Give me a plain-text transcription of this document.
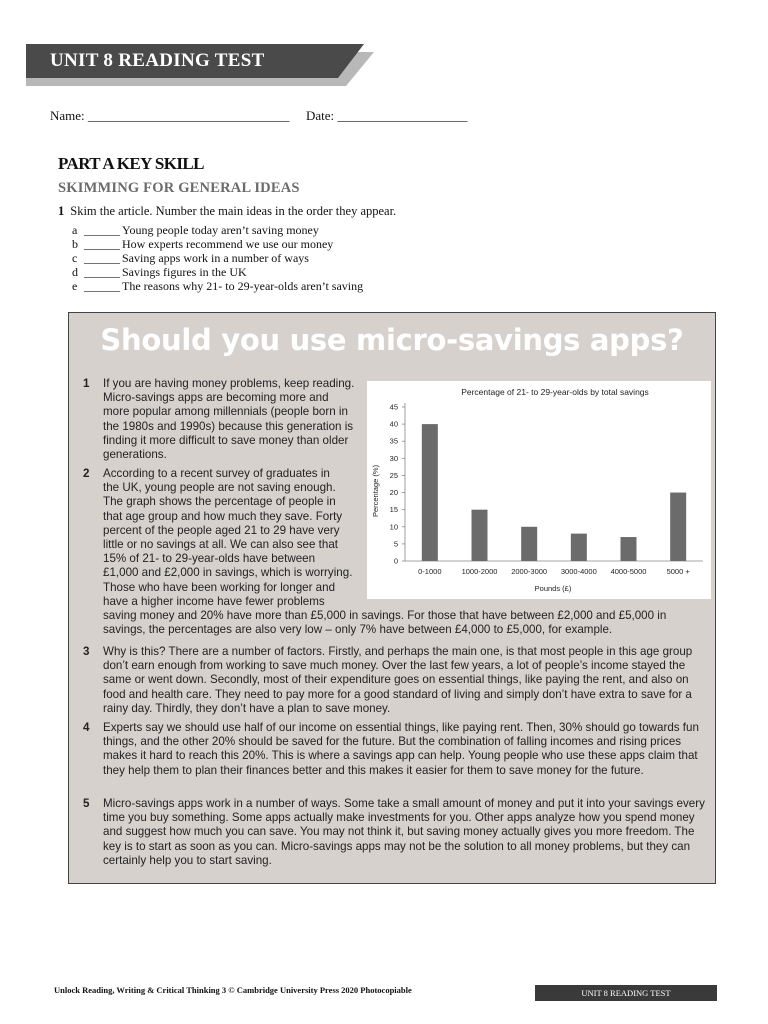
UNIT 8 READING TEST
Name: _______________________________ Date: ____________________
PART A KEY SKILL
SKIMMING FOR GENERAL IDEAS
1 Skim the article. Number the main ideas in the order they appear.
a ______ Young people today aren’t saving money
b ______ How experts recommend we use our money
c ______ Saving apps work in a number of ways
d ______ Savings figures in the UK
e ______ The reasons why 21- to 29-year-olds aren’t saving
Should you use micro-savings apps?
1 If you are having money problems, keep reading.
Micro-savings apps are becoming more and
more popular among millennials (people born in
the 1980s and 1990s) because this generation is
finding it more difficult to save money than older
generations.
2 According to a recent survey of graduates in
the UK, young people are not saving enough.
The graph shows the percentage of people in
that age group and how much they save. Forty
percent of the people aged 21 to 29 have very
little or no savings at all. We can also see that
15% of 21- to 29-year-olds have between
£1,000 and £2,000 in savings, which is worrying.
Those who have been working for longer and
have a higher income have fewer problems
saving money and 20% have more than £5,000 in savings. For those that have between £2,000 and £5,000 in savings, the percentages are also very low – only 7% have between £4,000 to £5,000, for example.
3 Why is this? There are a number of factors. Firstly, and perhaps the main one, is that most people in this age group don’t earn enough from working to save much money. Over the last few years, a lot of people’s income stayed the same or went down. Secondly, most of their expenditure goes on essential things, like paying the rent, and also on food and health care. They need to pay more for a good standard of living and simply don’t have extra to save for a rainy day. Thirdly, they don’t have a plan to save money.
4 Experts say we should use half of our income on essential things, like paying rent. Then, 30% should go towards fun things, and the other 20% should be saved for the future. But the combination of falling incomes and rising prices makes it hard to reach this 20%. This is where a savings app can help. Young people who use these apps claim that they help them to plan their finances better and this makes it easier for them to save money for the future.
5 Micro-savings apps work in a number of ways. Some take a small amount of money and put it into your savings every time you buy something. Some apps actually make investments for you. Other apps analyze how you spend money and suggest how much you can save. You may not think it, but saving money actually gives you more freedom. The key is to start as soon as you can. Micro-savings apps may not be the solution to all money problems, but they can certainly help you to start saving.
Percentage of 21- to 29-year-olds by total savings
Percentage (%)
Pounds (£)
0
5
10
15
20
25
30
35
40
45
0-1000	1000-2000 2000-3000 3000-4000 4000-5000	5000 +
Unlock Reading, Writing & Critical Thinking 3 © Cambridge University Press 2020 Photocopiable	UNIT 8 READING TEST
